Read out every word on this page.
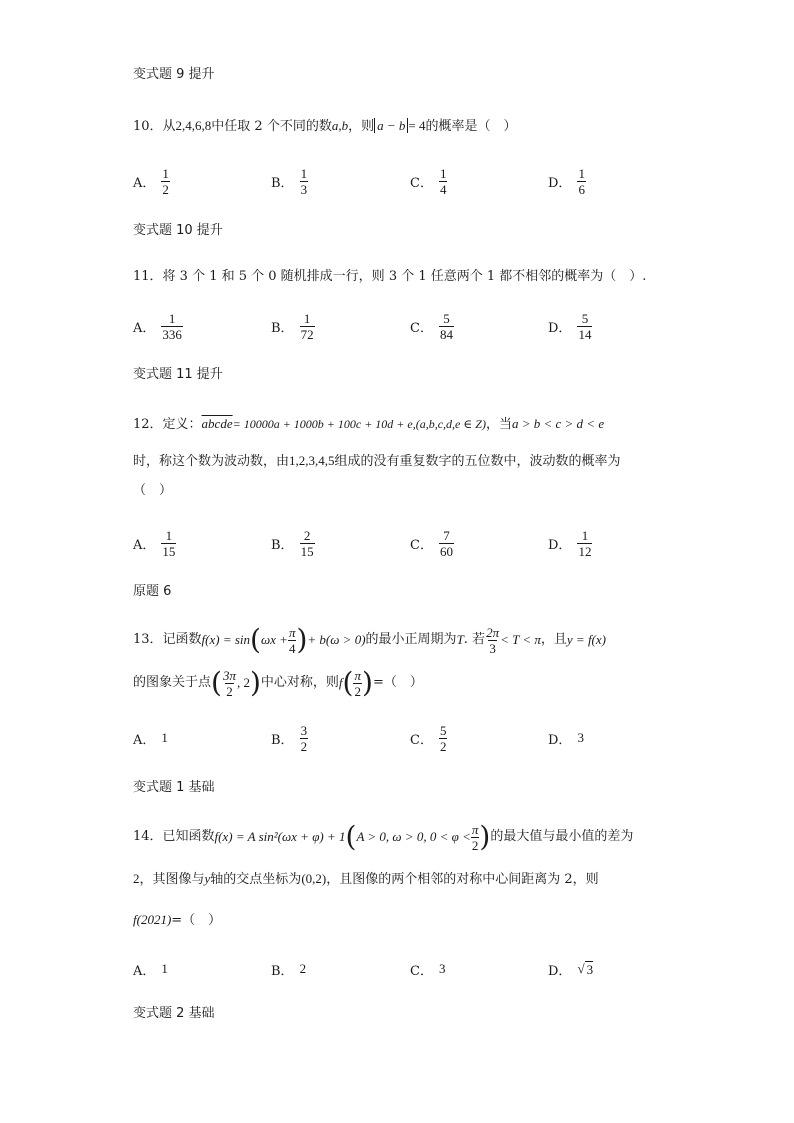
变式题 9 提升
10．从2,4,6,8中任取 2 个不同的数a,b，则 a − b = 4的概率是（　）
A． $\frac{1}{2}$	B． $\frac{1}{3}$	C． $\frac{1}{4}$	D． $\frac{1}{6}$
变式题 10 提升
11．将 3 个 1 和 5 个 0 随机排成一行，则 3 个 1 任意两个 1 都不相邻的概率为（　）.
A． $\frac{1}{336}$	B． $\frac{1}{72}$	C． $\frac{5}{84}$	D． $\frac{5}{14}$
变式题 11 提升
12．定义：abcde= 10000a + 1000b + 100c + 10d + e,(a,b,c,d,e ∈ Z)，当a > b < c > d < e
时，称这个数为波动数，由1,2,3,4,5组成的没有重复数字的五位数中，波动数的概率为
（　）
A． $\frac{1}{15}$	B． $\frac{2}{15}$	C． $\frac{7}{60}$	D． $\frac{1}{12}$
原题 6
13．记函数 f(x) = sin ( $\omega x + \frac{\pi}{4}$ ) + b(ω > 0) 的最小正周期为 T . 若 $\frac{2\pi}{3} < T < \pi$ ，且 y = f(x)
的图象关于点 ( $\frac{3\pi}{2}$ , 2 ) 中心对称，则 f ( $\frac{\pi}{2}$ ) =（　）
A． 1	B． $\frac{3}{2}$	C． $\frac{5}{2}$	D． 3
变式题 1 基础
14．已知函数 f(x) = A sin²(ωx + φ) + 1 ( A > 0, ω > 0, $0 < \varphi < \frac{\pi}{2}$ ) 的最大值与最小值的差为
2，其图像与y轴的交点坐标为(0,2)，且图像的两个相邻的对称中心间距离为 2，则
f(2021)=（　）
A． 1	B． 2	C． 3	D． √ 3
变式题 2 基础
